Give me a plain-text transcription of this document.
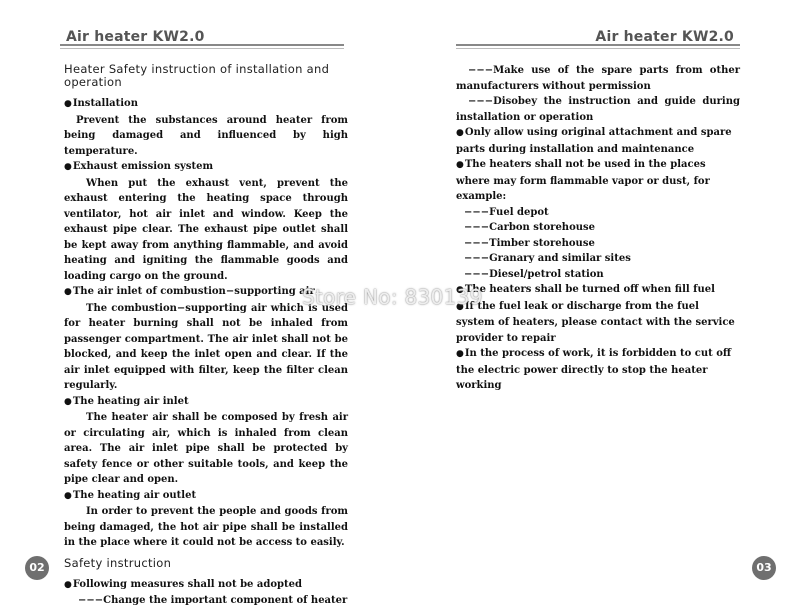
Air heater KW2.0
Heater Safety instruction of installation and operation

● Installation

Prevent the substances around heater from being damaged and influenced by high temperature.

● Exhaust emission system

When put the exhaust vent, prevent the exhaust entering the heating space through ventilator, hot air inlet and window. Keep the exhaust pipe clear. The exhaust pipe outlet shall be kept away from anything flammable, and avoid heating and igniting the flammable goods and loading cargo on the ground.

● The air inlet of combustion−supporting air

The combustion−supporting air which is used for heater burning shall not be inhaled from passenger compartment. The air inlet shall not be blocked, and keep the inlet open and clear. If the air inlet equipped with filter, keep the filter clean regularly.

● The heating air inlet

The heater air shall be composed by fresh air or circulating air, which is inhaled from clean area. The air inlet pipe shall be protected by safety fence or other suitable tools, and keep the pipe clear and open.

● The heating air outlet

In order to prevent the people and goods from being damaged, the hot air pipe shall be installed in the place where it could not be access to easily.

Safety instruction

● Following measures shall not be adopted

−−−Change the important component of heater

02
Air heater KW2.0

−−−Make use of the spare parts from other manufacturers without permission

−−−Disobey the instruction and guide during installation or operation

● Only allow using original attachment and spare parts during installation and maintenance

● The heaters shall not be used in the places where may form flammable vapor or dust, for example:

−−−Fuel depot

−−−Carbon storehouse

−−−Timber storehouse

−−−Granary and similar sites

−−−Diesel/petrol station

● The heaters shall be turned off when fill fuel

● If the fuel leak or discharge from the fuel system of heaters, please contact with the service provider to repair

● In the process of work, it is forbidden to cut off the electric power directly to stop the heater working

03
Store No: 830139
